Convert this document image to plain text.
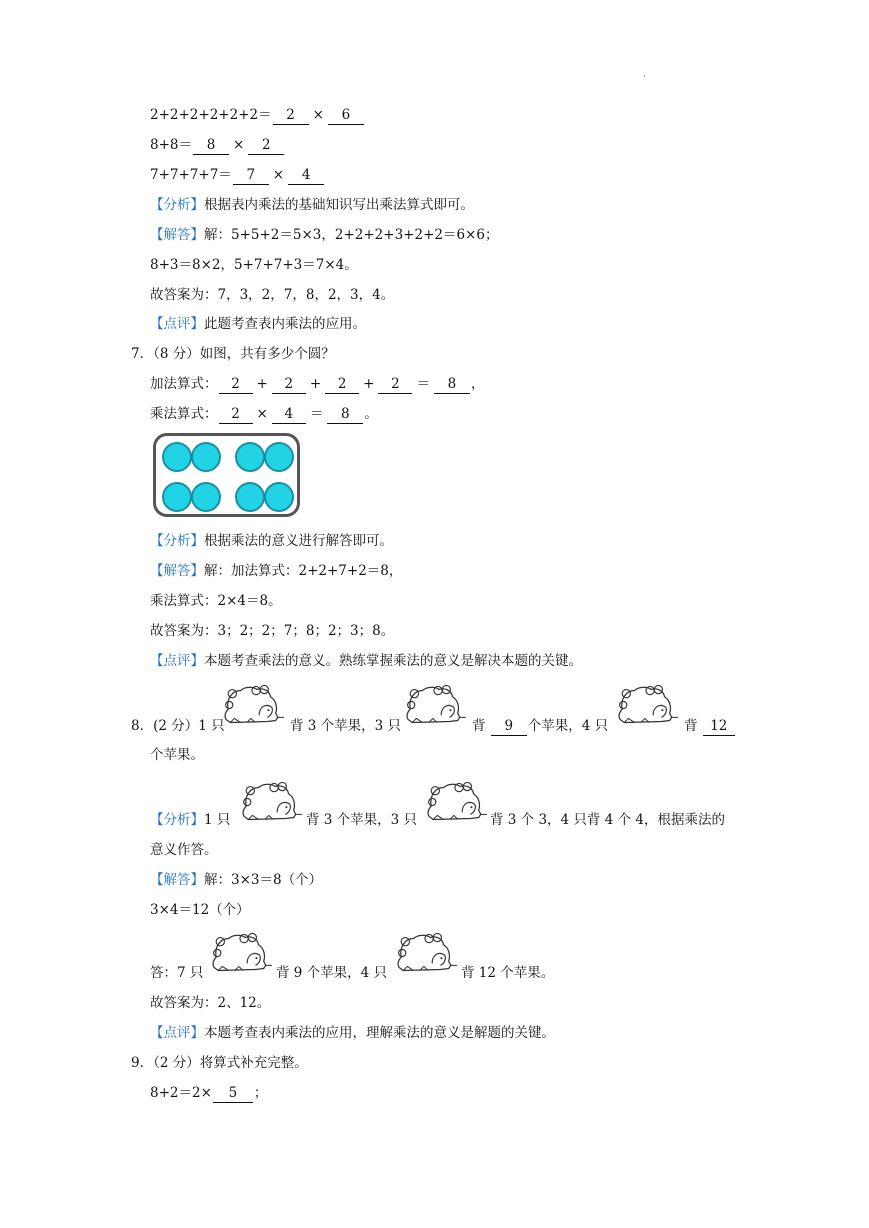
·
2+2+2+2+2+2＝ 2 × 6
8+8＝ 8 × 2
7+7+7+7＝ 7 × 4
【分析】根据表内乘法的基础知识写出乘法算式即可。
【解答】解：5+5+2＝5×3，2+2+2+3+2+2＝6×6；
8+3＝8×2，5+7+7+3＝7×4。
故答案为：7，3，2，7，8，2，3，4。
【点评】此题考查表内乘法的应用。
7．（8 分）如图，共有多少个圆？
加法算式： 2 + 2 + 2 + 2 ＝ 8 ，
乘法算式： 2 × 4 ＝ 8 。
【分析】根据乘法的意义进行解答即可。
【解答】解：加法算式：2+2+7+2＝8，
乘法算式：2×4＝8。
故答案为：3；2；2；7；8；2；3；8。
【点评】本题考查乘法的意义。熟练掌握乘法的意义是解决本题的关键。
8．(2 分）1 只	背 3 个苹果，3 只	背 9 个苹果，4 只	背 12
个苹果。
【分析】1 只	背 3 个苹果，3 只	背 3 个 3，4 只背 4 个 4，根据乘法的
意义作答。
【解答】解：3×3＝8（个）
3×4＝12（个）
答：7 只	背 9 个苹果，4 只	背 12 个苹果。
故答案为：2、12。
【点评】本题考查表内乘法的应用，理解乘法的意义是解题的关键。
9．（2 分）将算式补充完整。
8+2＝2× 5 ；
